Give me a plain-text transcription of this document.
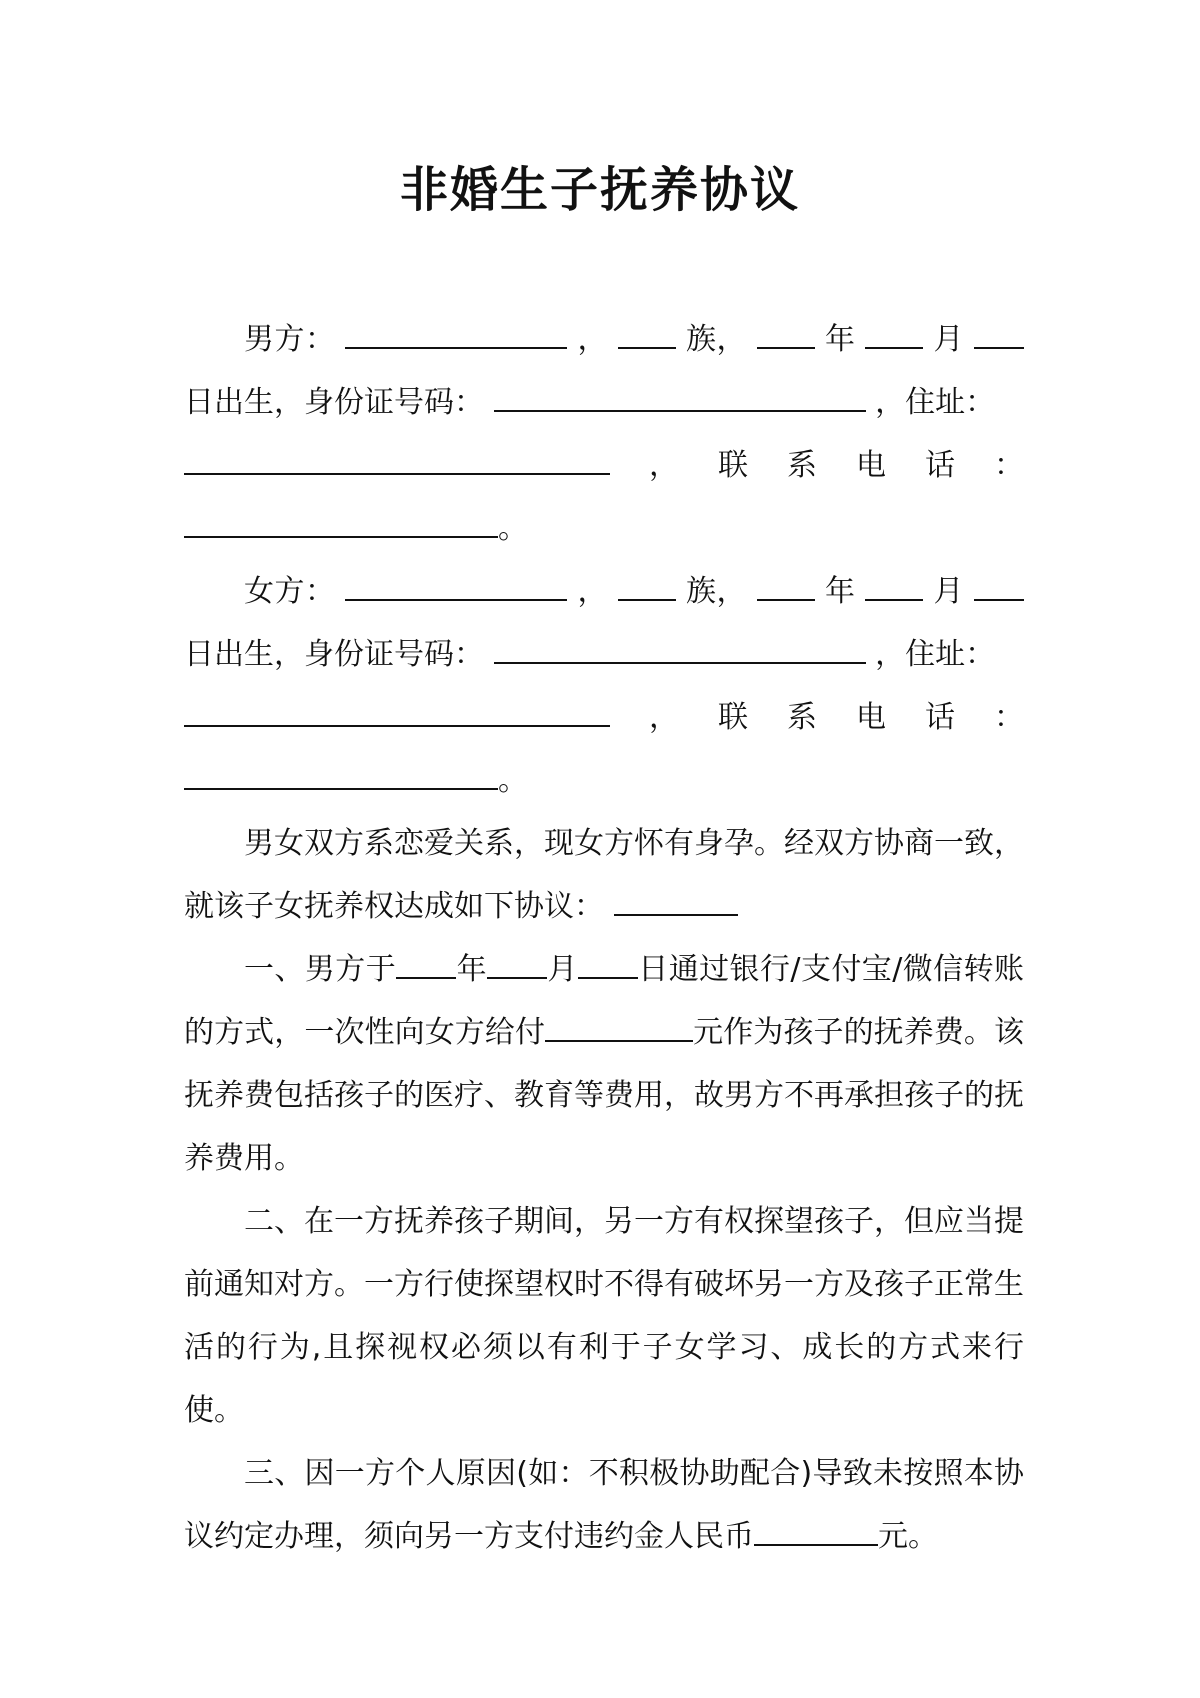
非婚生子抚养协议

男方：	，	族，	年	月  日出生，身份证号码：	，住址：

， 联 系 电 话 ：

。

女方：	，	族，	年	月  日出生，身份证号码：	，住址：

， 联 系 电 话 ：

。

男女双方系恋爱关系，现女方怀有身孕。经双方协商一致，就该子女抚养权达成如下协议：

一、男方于 年 月 日通过银行/支付宝/微信转账的方式，一次性向女方给付	元作为孩子的抚养费。该抚养费包括孩子的医疗、教育等费用，故男方不再承担孩子的抚养费用。

二、在一方抚养孩子期间，另一方有权探望孩子，但应当提前通知对方。一方行使探望权时不得有破坏另一方及孩子正常生活的行为,且探视权必须以有利于子女学习、成长的方式来行使。

三、因一方个人原因(如：不积极协助配合)导致未按照本协议约定办理，须向另一方支付违约金人民币	元。
